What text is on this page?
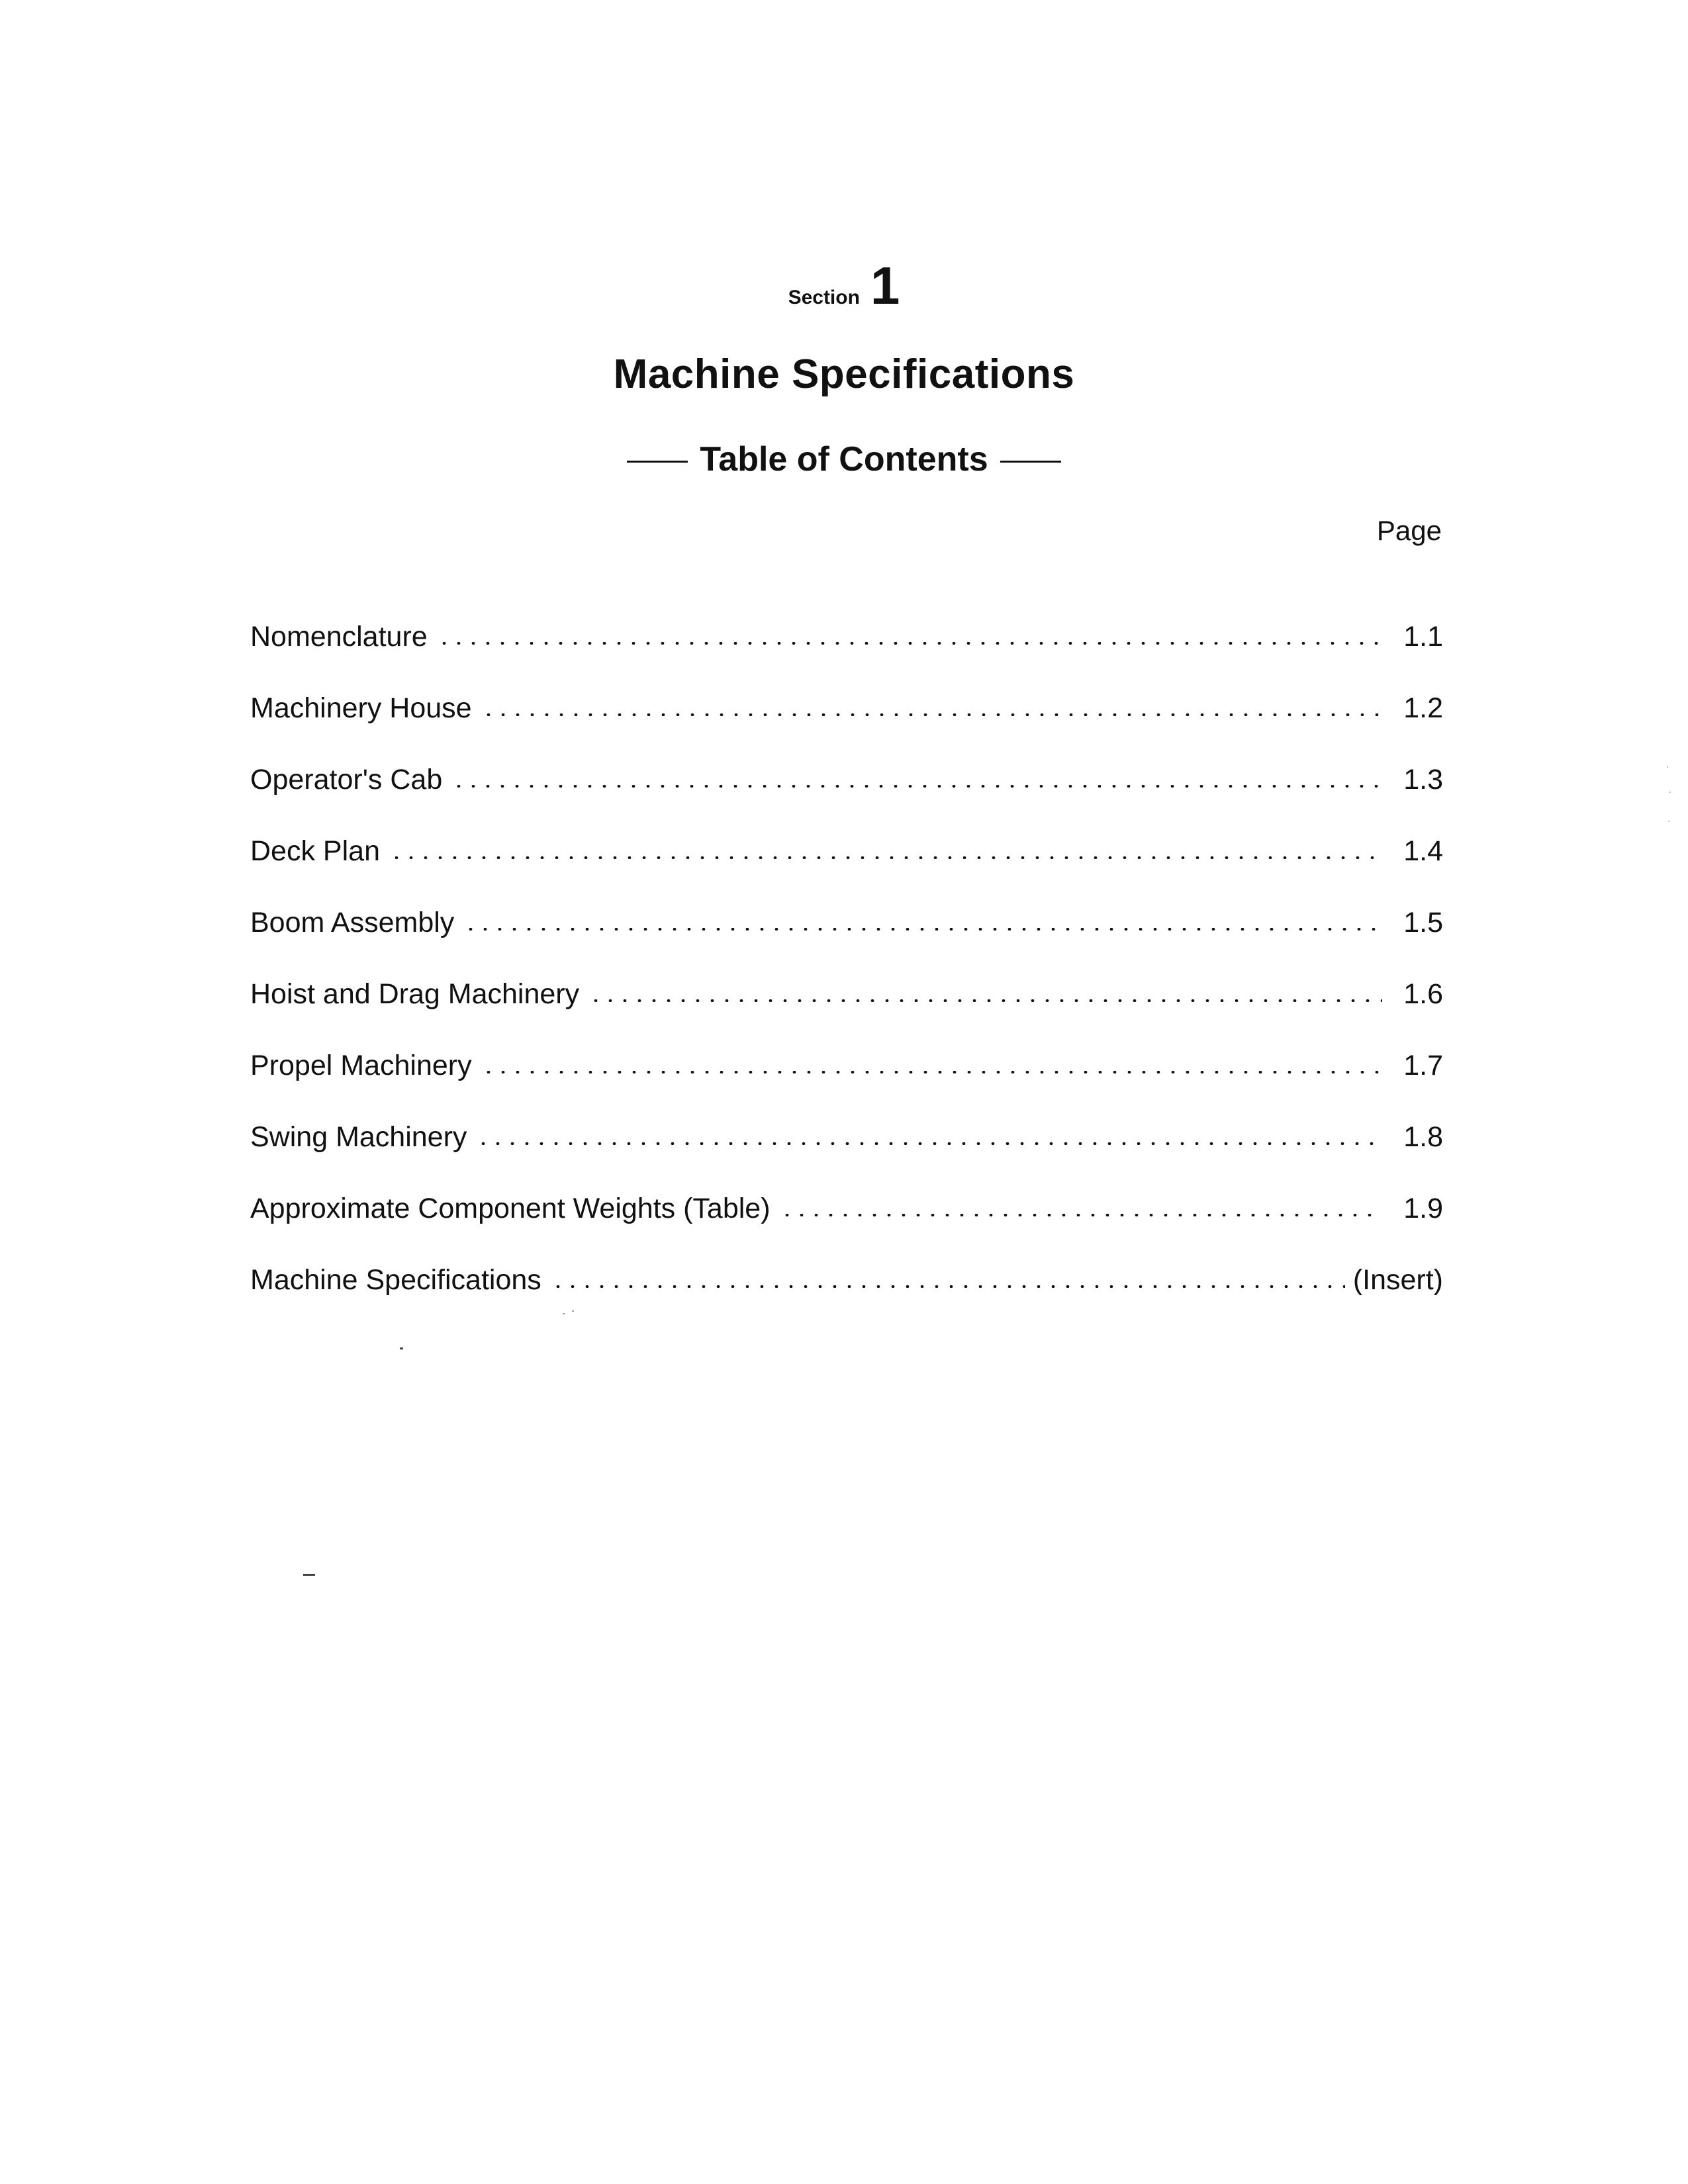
Section 1
Machine Specifications
Table of Contents
Page
Nomenclature	1.1
Machinery House	1.2
Operator's Cab	1.3
Deck Plan	1.4
Boom Assembly	1.5
Hoist and Drag Machinery	1.6
Propel Machinery	1.7
Swing Machinery	1.8
Approximate Component Weights (Table)	1.9
Machine Specifications	(Insert)
